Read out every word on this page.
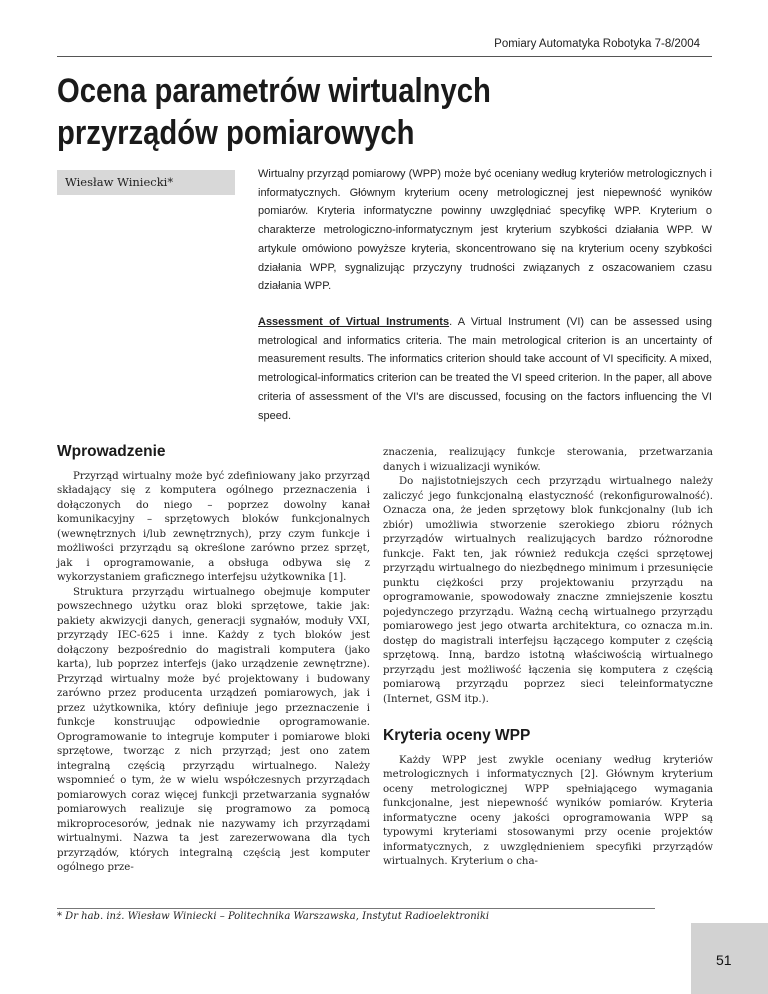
Pomiary Automatyka Robotyka 7-8/2004
Ocena parametrów wirtualnych przyrządów pomiarowych
Wiesław Winiecki*

Wirtualny przyrząd pomiarowy (WPP) może być oceniany według kryteriów metrologicznych i informatycznych. Głównym kryterium oceny metrologicznej jest niepewność wyników pomiarów. Kryteria informatyczne powinny uwzględniać specyfikę WPP. Kryterium o charakterze metrologiczno-informatycznym jest kryterium szybkości działania WPP. W artykule omówiono powyższe kryteria, skoncentrowano się na kryterium oceny szybkości działania WPP, sygnalizując przyczyny trudności związanych z oszacowaniem czasu działania WPP.

Assessment of Virtual Instruments. A Virtual Instrument (VI) can be assessed using metrological and informatics criteria. The main metrological criterion is an uncertainty of measurement results. The informatics criterion should take account of VI specificity. A mixed, metrological-informatics criterion can be treated the VI speed criterion. In the paper, all above criteria of assessment of the VI's are discussed, focusing on the factors influencing the VI speed.

Wprowadzenie

Przyrząd wirtualny może być zdefiniowany jako przyrząd składający się z komputera ogólnego przeznaczenia i dołączonych do niego – poprzez dowolny kanał komunikacyjny – sprzętowych bloków funkcjonalnych (wewnętrznych i/lub zewnętrznych), przy czym funkcje i możliwości przyrządu są określone zarówno przez sprzęt, jak i oprogramowanie, a obsługa odbywa się z wykorzystaniem graficznego interfejsu użytkownika [1].

Struktura przyrządu wirtualnego obejmuje komputer powszechnego użytku oraz bloki sprzętowe, takie jak: pakiety akwizycji danych, generacji sygnałów, moduły VXI, przyrządy IEC-625 i inne. Każdy z tych bloków jest dołączony bezpośrednio do magistrali komputera (jako karta), lub poprzez interfejs (jako urządzenie zewnętrzne). Przyrząd wirtualny może być projektowany i budowany zarówno przez producenta urządzeń pomiarowych, jak i przez użytkownika, który definiuje jego przeznaczenie i funkcje konstruując odpowiednie oprogramowanie. Oprogramowanie to integruje komputer i pomiarowe bloki sprzętowe, tworząc z nich przyrząd; jest ono zatem integralną częścią przyrządu wirtualnego. Należy wspomnieć o tym, że w wielu współczesnych przyrządach pomiarowych coraz więcej funkcji przetwarzania sygnałów pomiarowych realizuje się programowo za pomocą mikroprocesorów, jednak nie nazywamy ich przyrządami wirtualnymi. Nazwa ta jest zarezerwowana dla tych przyrządów, których integralną częścią jest komputer ogólnego prze-

znaczenia, realizujący funkcje sterowania, przetwarzania danych i wizualizacji wyników.

Do najistotniejszych cech przyrządu wirtualnego należy zaliczyć jego funkcjonalną elastyczność (rekonfigurowalność). Oznacza ona, że jeden sprzętowy blok funkcjonalny (lub ich zbiór) umożliwia stworzenie szerokiego zbioru różnych przyrządów wirtualnych realizujących bardzo różnorodne funkcje. Fakt ten, jak również redukcja części sprzętowej przyrządu wirtualnego do niezbędnego minimum i przesunięcie punktu ciężkości przy projektowaniu przyrządu na oprogramowanie, spowodowały znaczne zmniejszenie kosztu pojedynczego przyrządu. Ważną cechą wirtualnego przyrządu pomiarowego jest jego otwarta architektura, co oznacza m.in. dostęp do magistrali interfejsu łączącego komputer z częścią sprzętową. Inną, bardzo istotną właściwością wirtualnego przyrządu jest możliwość łączenia się komputera z częścią pomiarową przyrządu poprzez sieci teleinformatyczne (Internet, GSM itp.).

Kryteria oceny WPP

Każdy WPP jest zwykle oceniany według kryteriów metrologicznych i informatycznych [2]. Głównym kryterium oceny metrologicznej WPP spełniającego wymagania funkcjonalne, jest niepewność wyników pomiarów. Kryteria informatyczne oceny jakości oprogramowania WPP są typowymi kryteriami stosowanymi przy ocenie projektów informatycznych, z uwzględnieniem specyfiki przyrządów wirtualnych. Kryterium o cha-

* Dr hab. inż. Wiesław Winiecki – Politechnika Warszawska, Instytut Radioelektroniki
51
